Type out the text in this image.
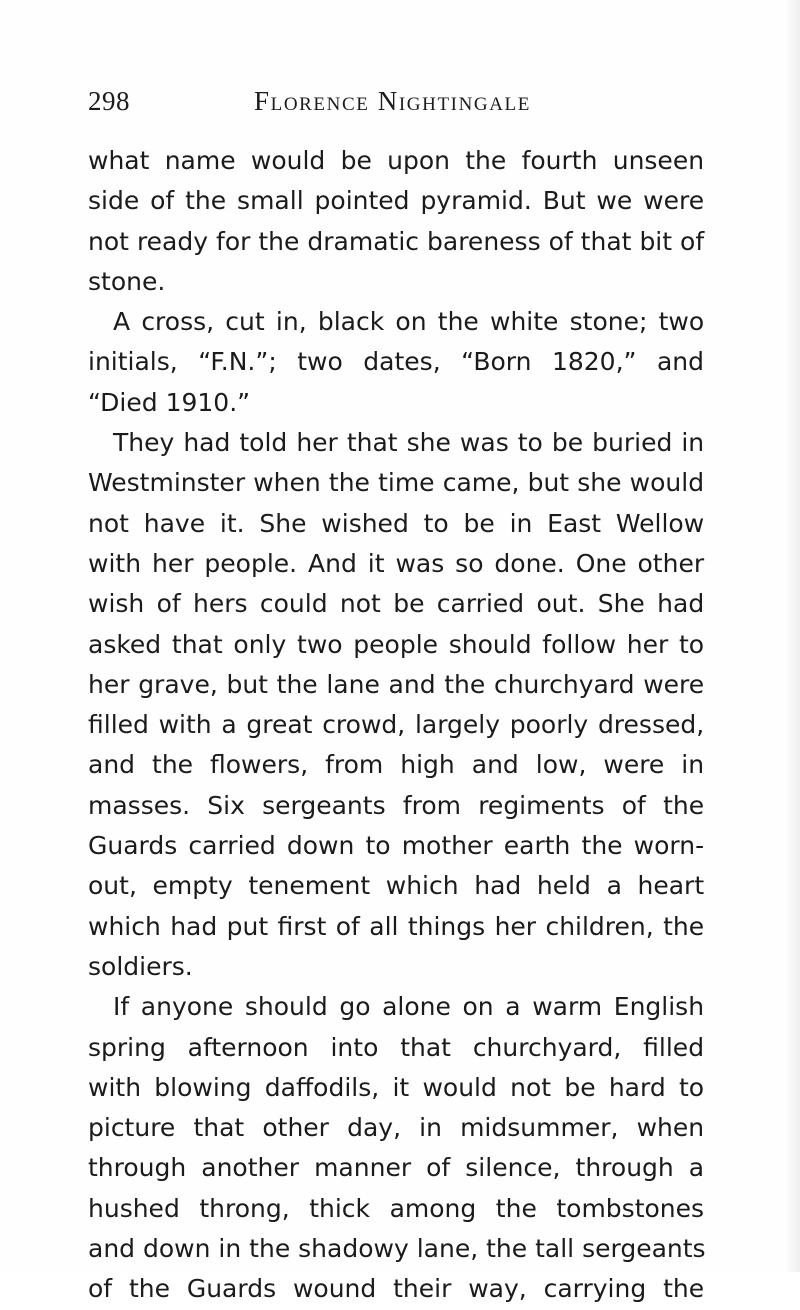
298	Florence Nightingale

what name would be upon the fourth unseen
side of the small pointed pyramid. But we were
not ready for the dramatic bareness of that bit of
stone.

A cross, cut in, black on the white stone; two
initials, “F.N.”; two dates, “Born 1820,” and
“Died 1910.”

They had told her that she was to be buried in
Westminster when the time came, but she would
not have it. She wished to be in East Wellow
with her people. And it was so done. One other
wish of hers could not be carried out. She had
asked that only two people should follow her to
her grave, but the lane and the churchyard were
filled with a great crowd, largely poorly dressed,
and the flowers, from high and low, were in
masses. Six sergeants from regiments of the
Guards carried down to mother earth the worn-
out, empty tenement which had held a heart
which had put first of all things her children, the
soldiers.

If anyone should go alone on a warm English
spring afternoon into that churchyard, filled
with blowing daffodils, it would not be hard to
picture that other day, in midsummer, when
through another manner of silence, through a
hushed throng, thick among the tombstones
and down in the shadowy lane, the tall sergeants
of the Guards wound their way, carrying the
